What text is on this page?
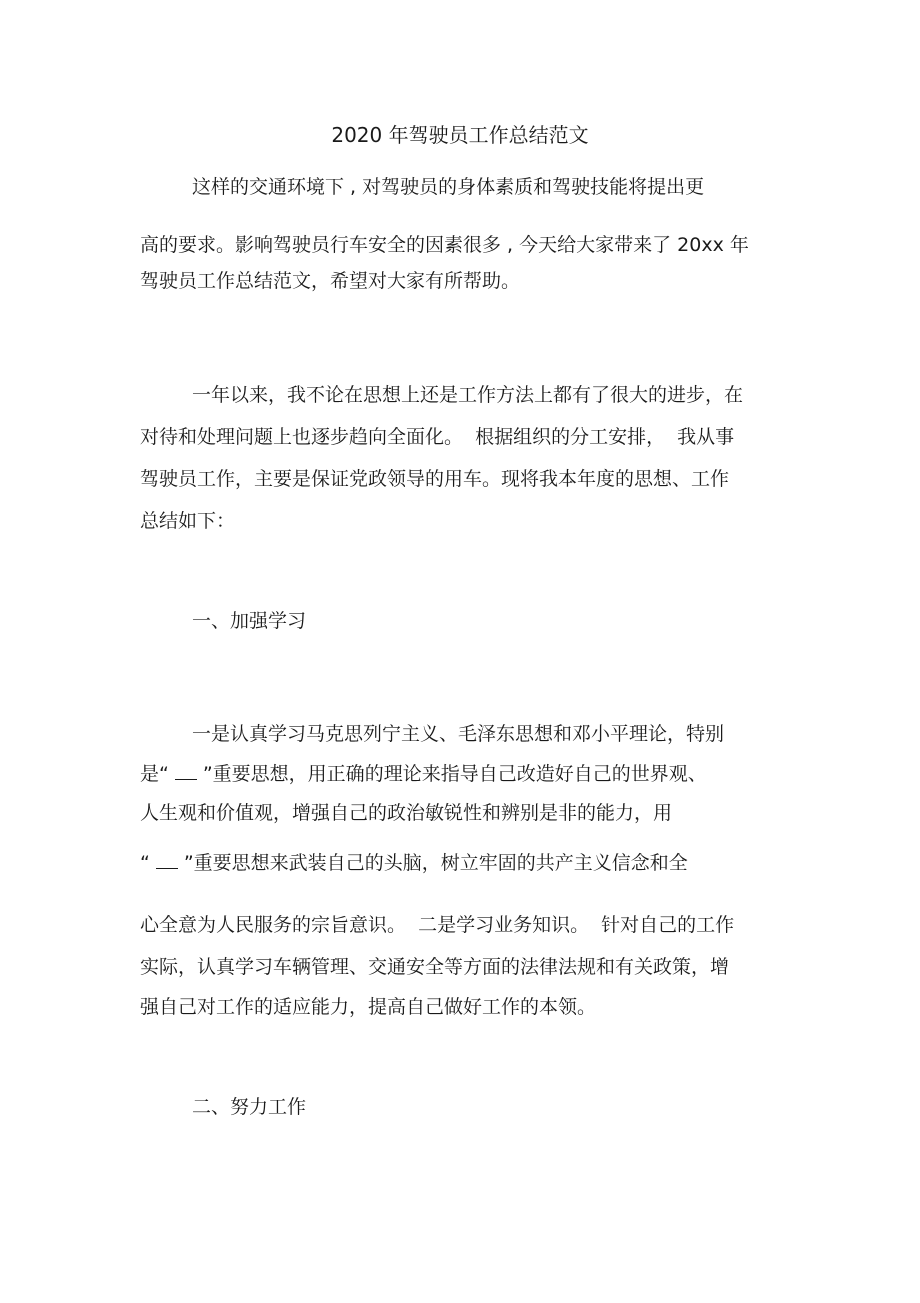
2020 年驾驶员工作总结范文

这样的交通环境下 , 对驾驶员的身体素质和驾驶技能将提出更

高的要求。影响驾驶员行车安全的因素很多 , 今天给大家带来了 20xx 年

驾驶员工作总结范文，希望对大家有所帮助。

一年以来，我不论在思想上还是工作方法上都有了很大的进步，在

对待和处理问题上也逐步趋向全面化。  根据组织的分工安排，  我从事

驾驶员工作，主要是保证党政领导的用车。现将我本年度的思想、工作

总结如下：

一、加强学习

一是认真学习马克思列宁主义、毛泽东思想和邓小平理论，特别

是“ ”重要思想，用正确的理论来指导自己改造好自己的世界观、

人生观和价值观，增强自己的政治敏锐性和辨别是非的能力，用

“ ”重要思想来武装自己的头脑，树立牢固的共产主义信念和全

心全意为人民服务的宗旨意识。  二是学习业务知识。  针对自己的工作

实际，认真学习车辆管理、交通安全等方面的法律法规和有关政策，增

强自己对工作的适应能力，提高自己做好工作的本领。

二、努力工作
